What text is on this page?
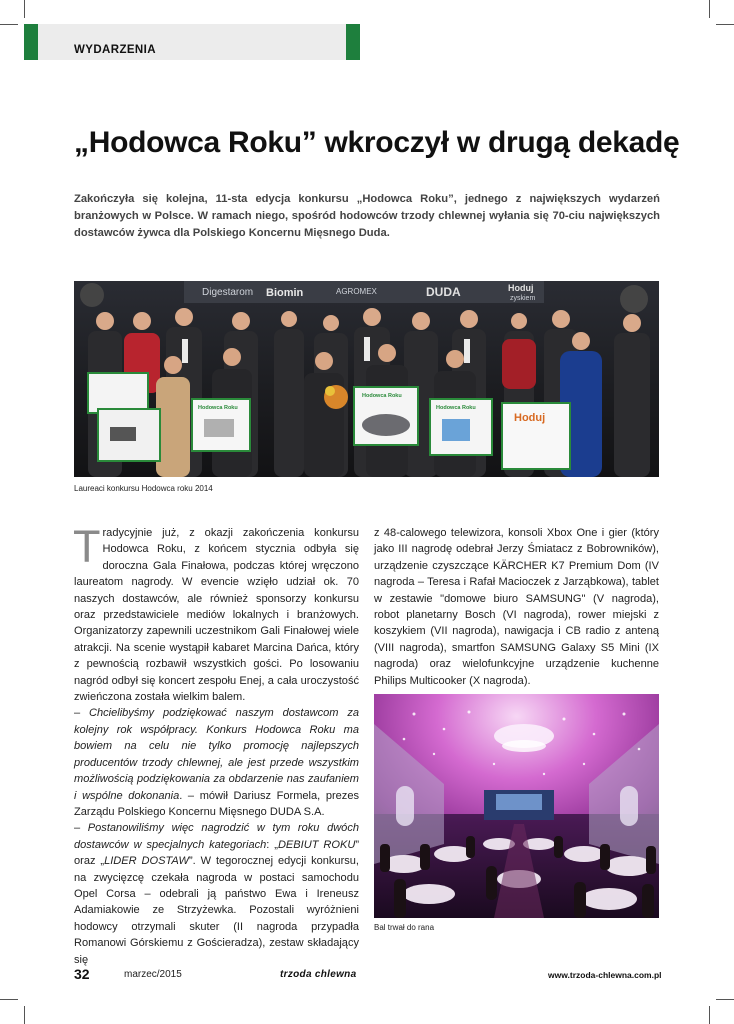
WYDARZENIA
„Hodowca Roku” wkroczył w drugą dekadę

Zakończyła się kolejna, 11-sta edycja konkursu „Hodowca Roku”, jednego z największych wydarzeń branżowych w Polsce. W ramach niego, spośród hodowców trzody chlewnej wyłania się 70-ciu największych dostawców żywca dla Polskiego Koncernu Mięsnego Duda.

Digestarom Biomin	AGROMEX	DUDA	Hoduj
zyskiem
Hodowca Roku
Hodowca Roku
Hodowca Roku
Hoduj
Laureaci konkursu Hodowca roku 2014

Tradycyjnie już, z okazji zakończenia konkursu Hodowca Roku, z końcem stycznia odbyła się doroczna Gala Finałowa, podczas której wręczono laureatom nagrody. W evencie wzięło udział ok. 70 naszych dostawców, ale również sponsorzy konkursu oraz przedstawiciele mediów lokalnych i branżowych. Organizatorzy zapewnili uczestnikom Gali Finałowej wiele atrakcji. Na scenie wystąpił kabaret Marcina Dańca, który z pewnością rozbawił wszystkich gości. Po losowaniu nagród odbył się koncert zespołu Enej, a cała uroczystość zwieńczona została wielkim balem.

– Chcielibyśmy podziękować naszym dostawcom za kolejny rok współpracy. Konkurs Hodowca Roku ma bowiem na celu nie tylko promocję najlepszych producentów trzody chlewnej, ale jest przede wszystkim możliwością podziękowania za obdarzenie nas zaufaniem i wspólne dokonania. – mówił Dariusz Formela, prezes Zarządu Polskiego Koncernu Mięsnego DUDA S.A.

– Postanowiliśmy więc nagrodzić w tym roku dwóch dostawców w specjalnych kategoriach: „DEBIUT ROKU” oraz „LIDER DOSTAW”. W tegorocznej edycji konkursu, na zwycięzcę czekała nagroda w postaci samochodu Opel Corsa – odebrali ją państwo Ewa i Ireneusz Adamiakowie ze Strzyżewka. Pozostali wyróżnieni hodowcy otrzymali skuter (II nagroda przypadła Romanowi Górskiemu z Gościeradza), zestaw składający się

z 48-calowego telewizora, konsoli Xbox One i gier (który jako III nagrodę odebrał Jerzy Śmiatacz z Bobrowników), urządzenie czyszczące KÄRCHER K7 Premium Dom (IV nagroda – Teresa i Rafał Macioczek z Jarząbkowa), tablet w zestawie "domowe biuro SAMSUNG" (V nagroda), robot planetarny Bosch (VI nagroda), rower miejski z koszykiem (VII nagroda), nawigacja i CB radio z anteną (VIII nagroda), smartfon SAMSUNG Galaxy S5 Mini (IX nagroda) oraz wielofunkcyjne urządzenie kuchenne Philips Multicooker (X nagroda).

Bal trwał do rana
32	marzec/2015	trzoda chlewna	www.trzoda-chlewna.com.pl
